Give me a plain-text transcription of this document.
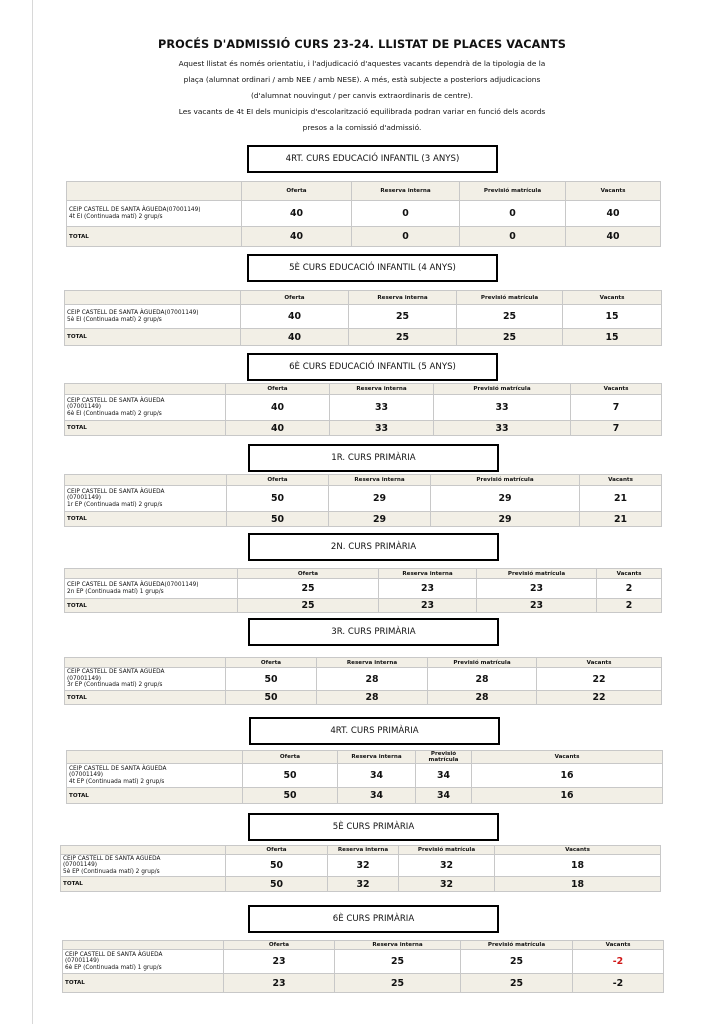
PROCÉS D'ADMISSIÓ CURS 23-24. LLISTAT DE PLACES VACANTS

Aquest llistat és només orientatiu, i l'adjudicació d'aquestes vacants dependrà de la tipologia de la

plaça (alumnat ordinari / amb NEE / amb NESE). A més, està subjecte a posteriors adjudicacions

(d'alumnat nouvingut / per canvis extraordinaris de centre).

Les vacants de 4t EI dels municipis d'escolarització equilibrada podran variar en funció dels acords

presos a la comissió d'admissió.

4RT. CURS EDUCACIÓ INFANTIL (3 ANYS)
	Oferta	Reserva interna	Previsió matrícula	Vacants

CEIP CASTELL DE SANTA ÀGUEDA(07001149)
4t EI (Continuada matí) 2 grup/s	40	0	0	40
TOTAL	40	0	0	40
5È CURS EDUCACIÓ INFANTIL (4 ANYS)
	Oferta	Reserva interna	Previsió matrícula	Vacants

CEIP CASTELL DE SANTA ÀGUEDA(07001149)
5è EI (Continuada matí) 2 grup/s	40	25	25	15
TOTAL	40	25	25	15
6È CURS EDUCACIÓ INFANTIL (5 ANYS)
	Oferta	Reserva interna	Previsió matrícula	Vacants

CEIP CASTELL DE SANTA ÀGUEDA
(07001149)
6è EI (Continuada matí) 2 grup/s	40	33	33	7
TOTAL	40	33	33	7
1R. CURS PRIMÀRIA
	Oferta	Reserva interna	Previsió matrícula	Vacants

CEIP CASTELL DE SANTA ÀGUEDA
(07001149)
1r EP (Continuada matí) 2 grup/s	50	29	29	21
TOTAL	50	29	29	21
2N. CURS PRIMÀRIA
	Oferta	Reserva interna	Previsió matrícula	Vacants

CEIP CASTELL DE SANTA ÀGUEDA(07001149)
2n EP (Continuada matí) 1 grup/s	25	23	23	2
TOTAL	25	23	23	2
3R. CURS PRIMÀRIA
	Oferta	Reserva interna	Previsió matrícula	Vacants

CEIP CASTELL DE SANTA ÀGUEDA
(07001149)
3r EP (Continuada matí) 2 grup/s	50	28	28	22
TOTAL	50	28	28	22
4RT. CURS PRIMÀRIA
	Oferta	Reserva interna	Previsió matrícula	Vacants

CEIP CASTELL DE SANTA ÀGUEDA
(07001149)
4t EP (Continuada matí) 2 grup/s	50	34	34	16
TOTAL	50	34	34	16
5È CURS PRIMÀRIA
	Oferta	Reserva interna	Previsió matrícula	Vacants

CEIP CASTELL DE SANTA ÀGUEDA
(07001149)
5è EP (Continuada matí) 2 grup/s	50	32	32	18
TOTAL	50	32	32	18
6È CURS PRIMÀRIA
	Oferta	Reserva interna	Previsió matrícula	Vacants

CEIP CASTELL DE SANTA ÀGUEDA
(07001149)
6è EP (Continuada matí) 1 grup/s	23	25	25	-2
TOTAL	23	25	25	-2
